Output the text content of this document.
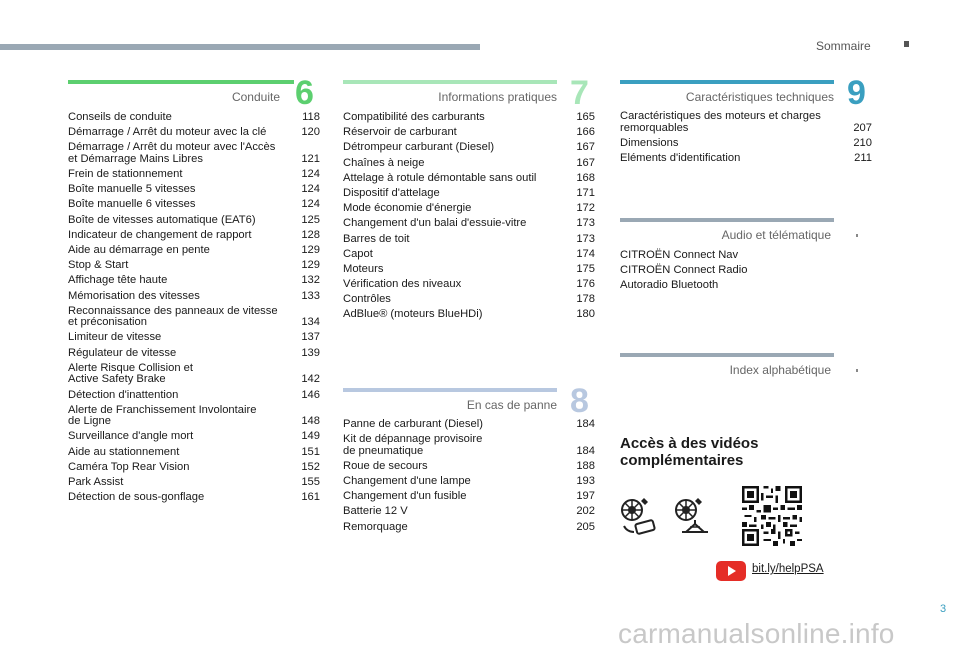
Sommaire
Conduite 6
Conseils de conduite	118
Démarrage / Arrêt du moteur avec la clé	120
Démarrage / Arrêt du moteur avec l'Accès
et Démarrage Mains Libres	121
Frein de stationnement	124
Boîte manuelle 5 vitesses	124
Boîte manuelle 6 vitesses	124
Boîte de vitesses automatique (EAT6)	125
Indicateur de changement de rapport	128
Aide au démarrage en pente	129
Stop & Start	129
Affichage tête haute	132
Mémorisation des vitesses	133
Reconnaissance des panneaux de vitesse
et préconisation	134
Limiteur de vitesse	137
Régulateur de vitesse	139
Alerte Risque Collision et
Active Safety Brake	142
Détection d'inattention	146
Alerte de Franchissement Involontaire
de Ligne	148
Surveillance d'angle mort	149
Aide au stationnement	151
Caméra Top Rear Vision	152
Park Assist	155
Détection de sous-gonflage	161
Informations pratiques 7
Compatibilité des carburants	165
Réservoir de carburant	166
Détrompeur carburant (Diesel)	167
Chaînes à neige	167
Attelage à rotule démontable sans outil	168
Dispositif d'attelage	171
Mode économie d'énergie	172
Changement d'un balai d'essuie-vitre	173
Barres de toit	173
Capot	174
Moteurs	175
Vérification des niveaux	176
Contrôles	178
AdBlue® (moteurs BlueHDi)	180
En cas de panne 8
Panne de carburant (Diesel)	184
Kit de dépannage provisoire
de pneumatique	184
Roue de secours	188
Changement d'une lampe	193
Changement d'un fusible	197
Batterie 12 V	202
Remorquage	205
Caractéristiques techniques 9
Caractéristiques des moteurs et charges
remorquables	207
Dimensions	210
Eléments d'identification	211
Audio et télématique
CITROËN Connect Nav
CITROËN Connect Radio
Autoradio Bluetooth
Index alphabétique
Accès à des vidéos
complémentaires
bit.ly/helpPSA
3
carmanualsonline.info
